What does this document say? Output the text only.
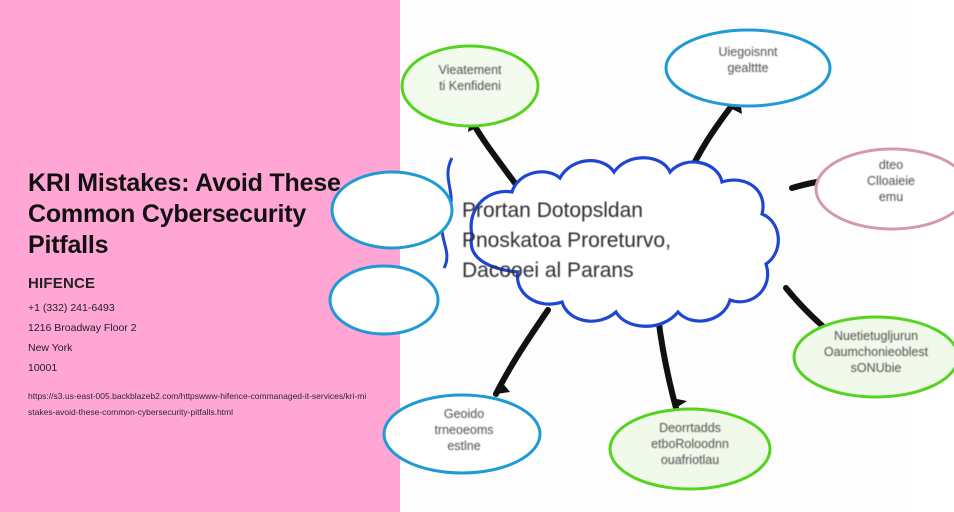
KRI Mistakes: Avoid These Common Cybersecurity Pitfalls
HIFENCE
+1 (332) 241-6493
1216 Broadway Floor 2
New York
10001
https://s3.us-east-005.backblazeb2.com/httpswww-hifence-commanaged-it-services/kri-mistakes-avoid-these-common-cybersecurity-pitfalls.html
Prortan Dotopsldan
Pnoskatoa Proreturvo,
Dacooei al Parans
Vieatement
ti Kenfideni
Uiegoisnnt
gealttte
dteo
Clloaieie
emu
Nuetietugljurun
Oaumchonieoblest
sONUbie
Deorrtadds
etboRoloodnn
ouafriotlau
Geoido
trneoeoms
estlne
